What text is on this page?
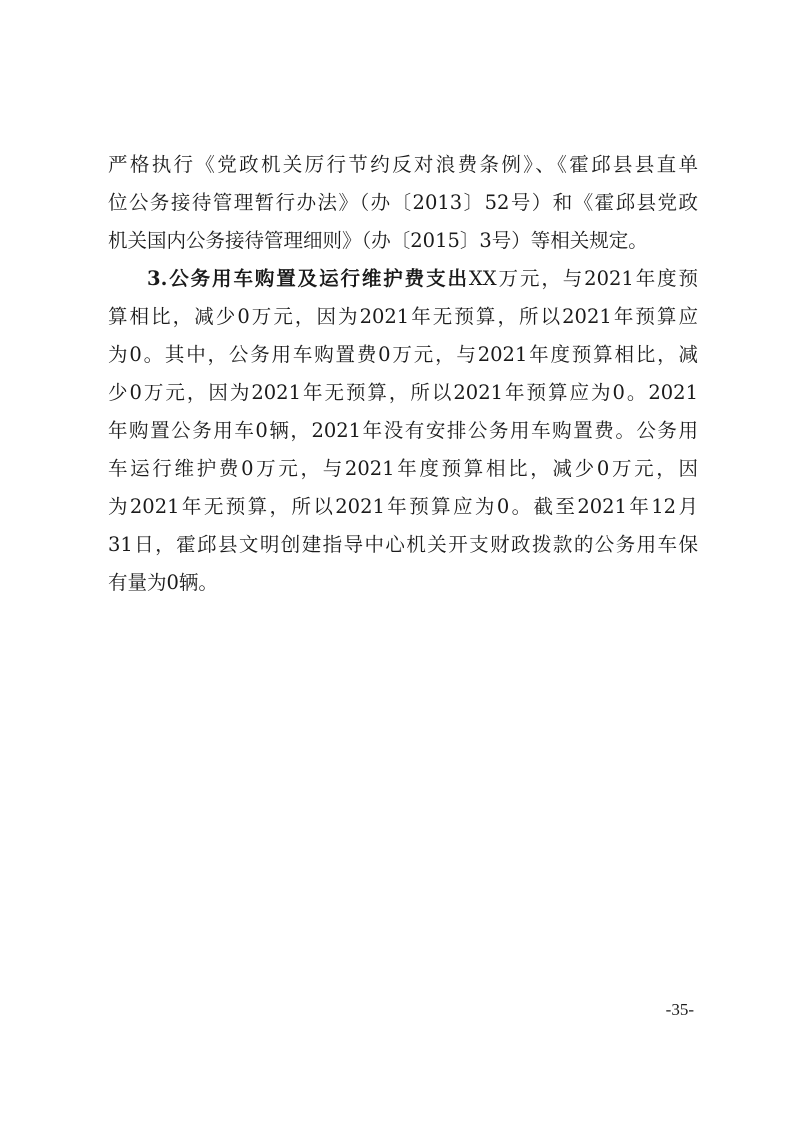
严格执行《党政机关厉行节约反对浪费条例》、《霍邱县县直单
位公务接待管理暂行办法》（办〔2013〕52号）和《霍邱县党政
机关国内公务接待管理细则》（办〔2015〕3号）等相关规定。
3.公务用车购置及运行维护费支出XX万元，与2021年度预
算相比，减少0万元，因为2021年无预算，所以2021年预算应
为0。其中，公务用车购置费0万元，与2021年度预算相比，减
少0万元，因为2021年无预算，所以2021年预算应为0。2021
年购置公务用车0辆，2021年没有安排公务用车购置费。公务用
车运行维护费0万元，与2021年度预算相比，减少0万元，因
为2021年无预算，所以2021年预算应为0。截至2021年12月
31日，霍邱县文明创建指导中心机关开支财政拨款的公务用车保
有量为0辆。
-35-
